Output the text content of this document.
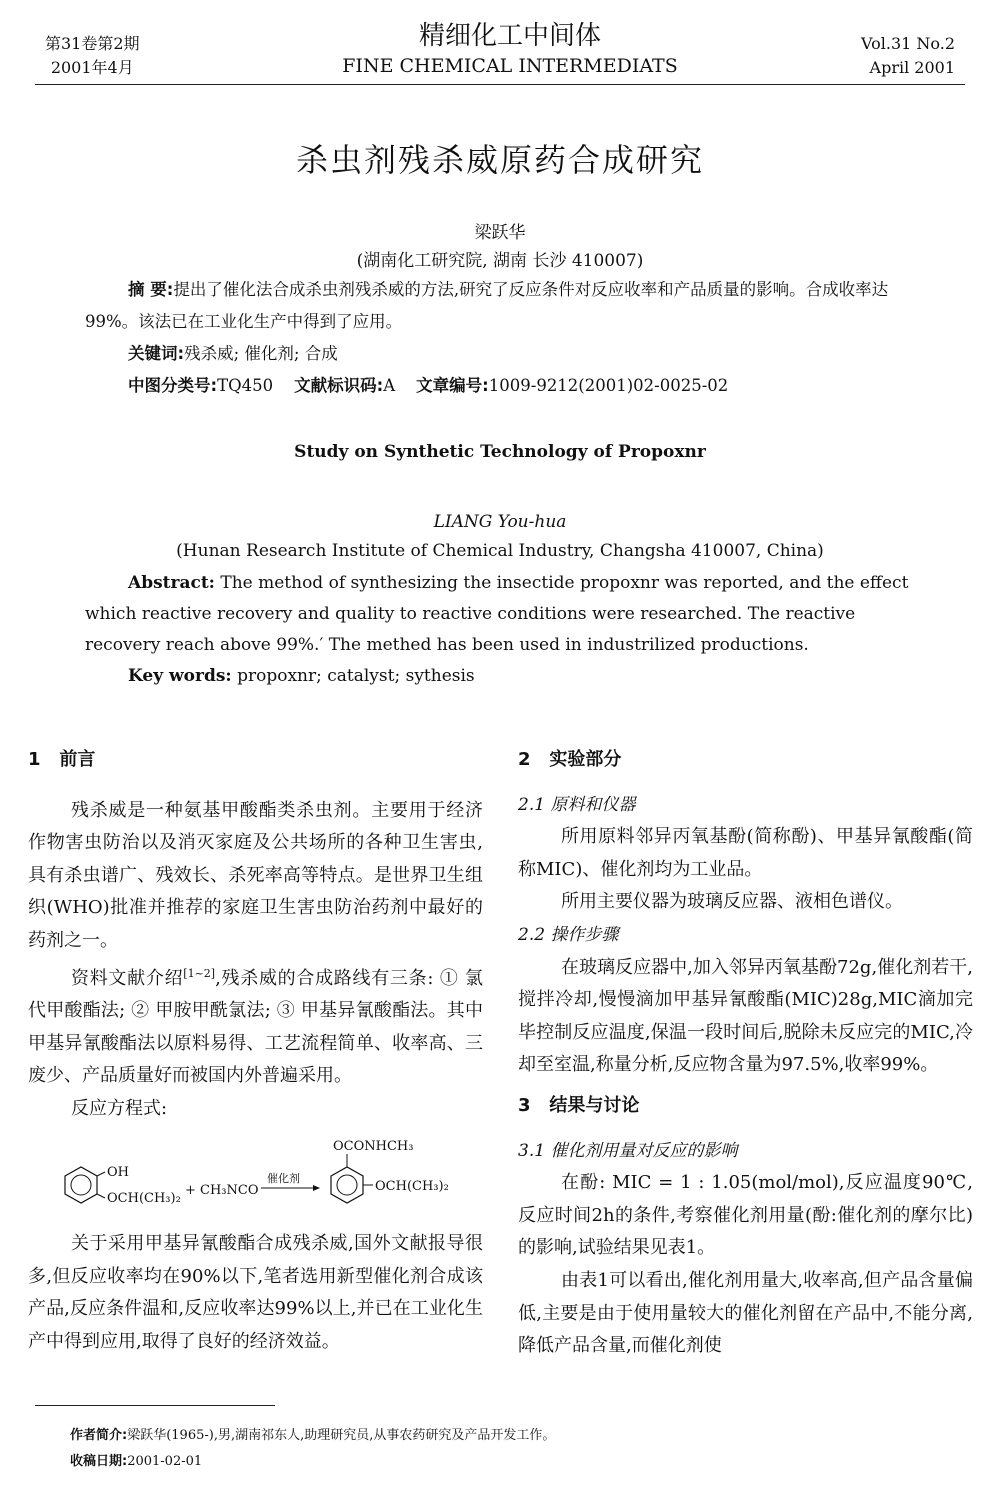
第31卷第2期
2001年4月
精细化工中间体
FINE CHEMICAL INTERMEDIATS
Vol.31 No.2
April 2001
杀虫剂残杀威原药合成研究
梁跃华
(湖南化工研究院, 湖南 长沙 410007)
摘 要:提出了催化法合成杀虫剂残杀威的方法,研究了反应条件对反应收率和产品质量的影响。合成收率达99%。该法已在工业化生产中得到了应用。
关键词:残杀威; 催化剂; 合成
中图分类号:TQ450 文献标识码:A 文章编号:1009-9212(2001)02-0025-02
Study on Synthetic Technology of Propoxnr
LIANG You-hua
(Hunan Research Institute of Chemical Industry, Changsha 410007, China)
Abstract: The method of synthesizing the insectide propoxnr was reported, and the effect which reactive recovery and quality to reactive conditions were researched. The reactive recovery reach above 99%.′ The methed has been used in industrilized productions.
Key words: propoxnr; catalyst; sythesis

1 前言

残杀威是一种氨基甲酸酯类杀虫剂。主要用于经济作物害虫防治以及消灭家庭及公共场所的各种卫生害虫,具有杀虫谱广、残效长、杀死率高等特点。是世界卫生组织(WHO)批准并推荐的家庭卫生害虫防治药剂中最好的药剂之一。

资料文献介绍[1~2],残杀威的合成路线有三条: ① 氯代甲酸酯法; ② 甲胺甲酰氯法; ③ 甲基异氰酸酯法。其中甲基异氰酸酯法以原料易得、工艺流程简单、收率高、三废少、产品质量好而被国内外普遍采用。

反应方程式:

OH
OCH(CH₃)₂
+ CH₃NCO
催化剂
OCONHCH₃
OCH(CH₃)₂

关于采用甲基异氰酸酯合成残杀威,国外文献报导很多,但反应收率均在90%以下,笔者选用新型催化剂合成该产品,反应条件温和,反应收率达99%以上,并已在工业化生产中得到应用,取得了良好的经济效益。

2 实验部分

2.1 原料和仪器

所用原料邻异丙氧基酚(简称酚)、甲基异氰酸酯(简称MIC)、催化剂均为工业品。

所用主要仪器为玻璃反应器、液相色谱仪。

2.2 操作步骤

在玻璃反应器中,加入邻异丙氧基酚72g,催化剂若干,搅拌冷却,慢慢滴加甲基异氰酸酯(MIC)28g,MIC滴加完毕控制反应温度,保温一段时间后,脱除未反应完的MIC,冷却至室温,称量分析,反应物含量为97.5%,收率99%。

3 结果与讨论

3.1 催化剂用量对反应的影响

在酚: MIC = 1 : 1.05(mol/mol),反应温度90℃,反应时间2h的条件,考察催化剂用量(酚:催化剂的摩尔比)的影响,试验结果见表1。

由表1可以看出,催化剂用量大,收率高,但产品含量偏低,主要是由于使用量较大的催化剂留在产品中,不能分离,降低产品含量,而催化剂使

作者简介:梁跃华(1965-),男,湖南祁东人,助理研究员,从事农药研究及产品开发工作。
收稿日期:2001-02-01
